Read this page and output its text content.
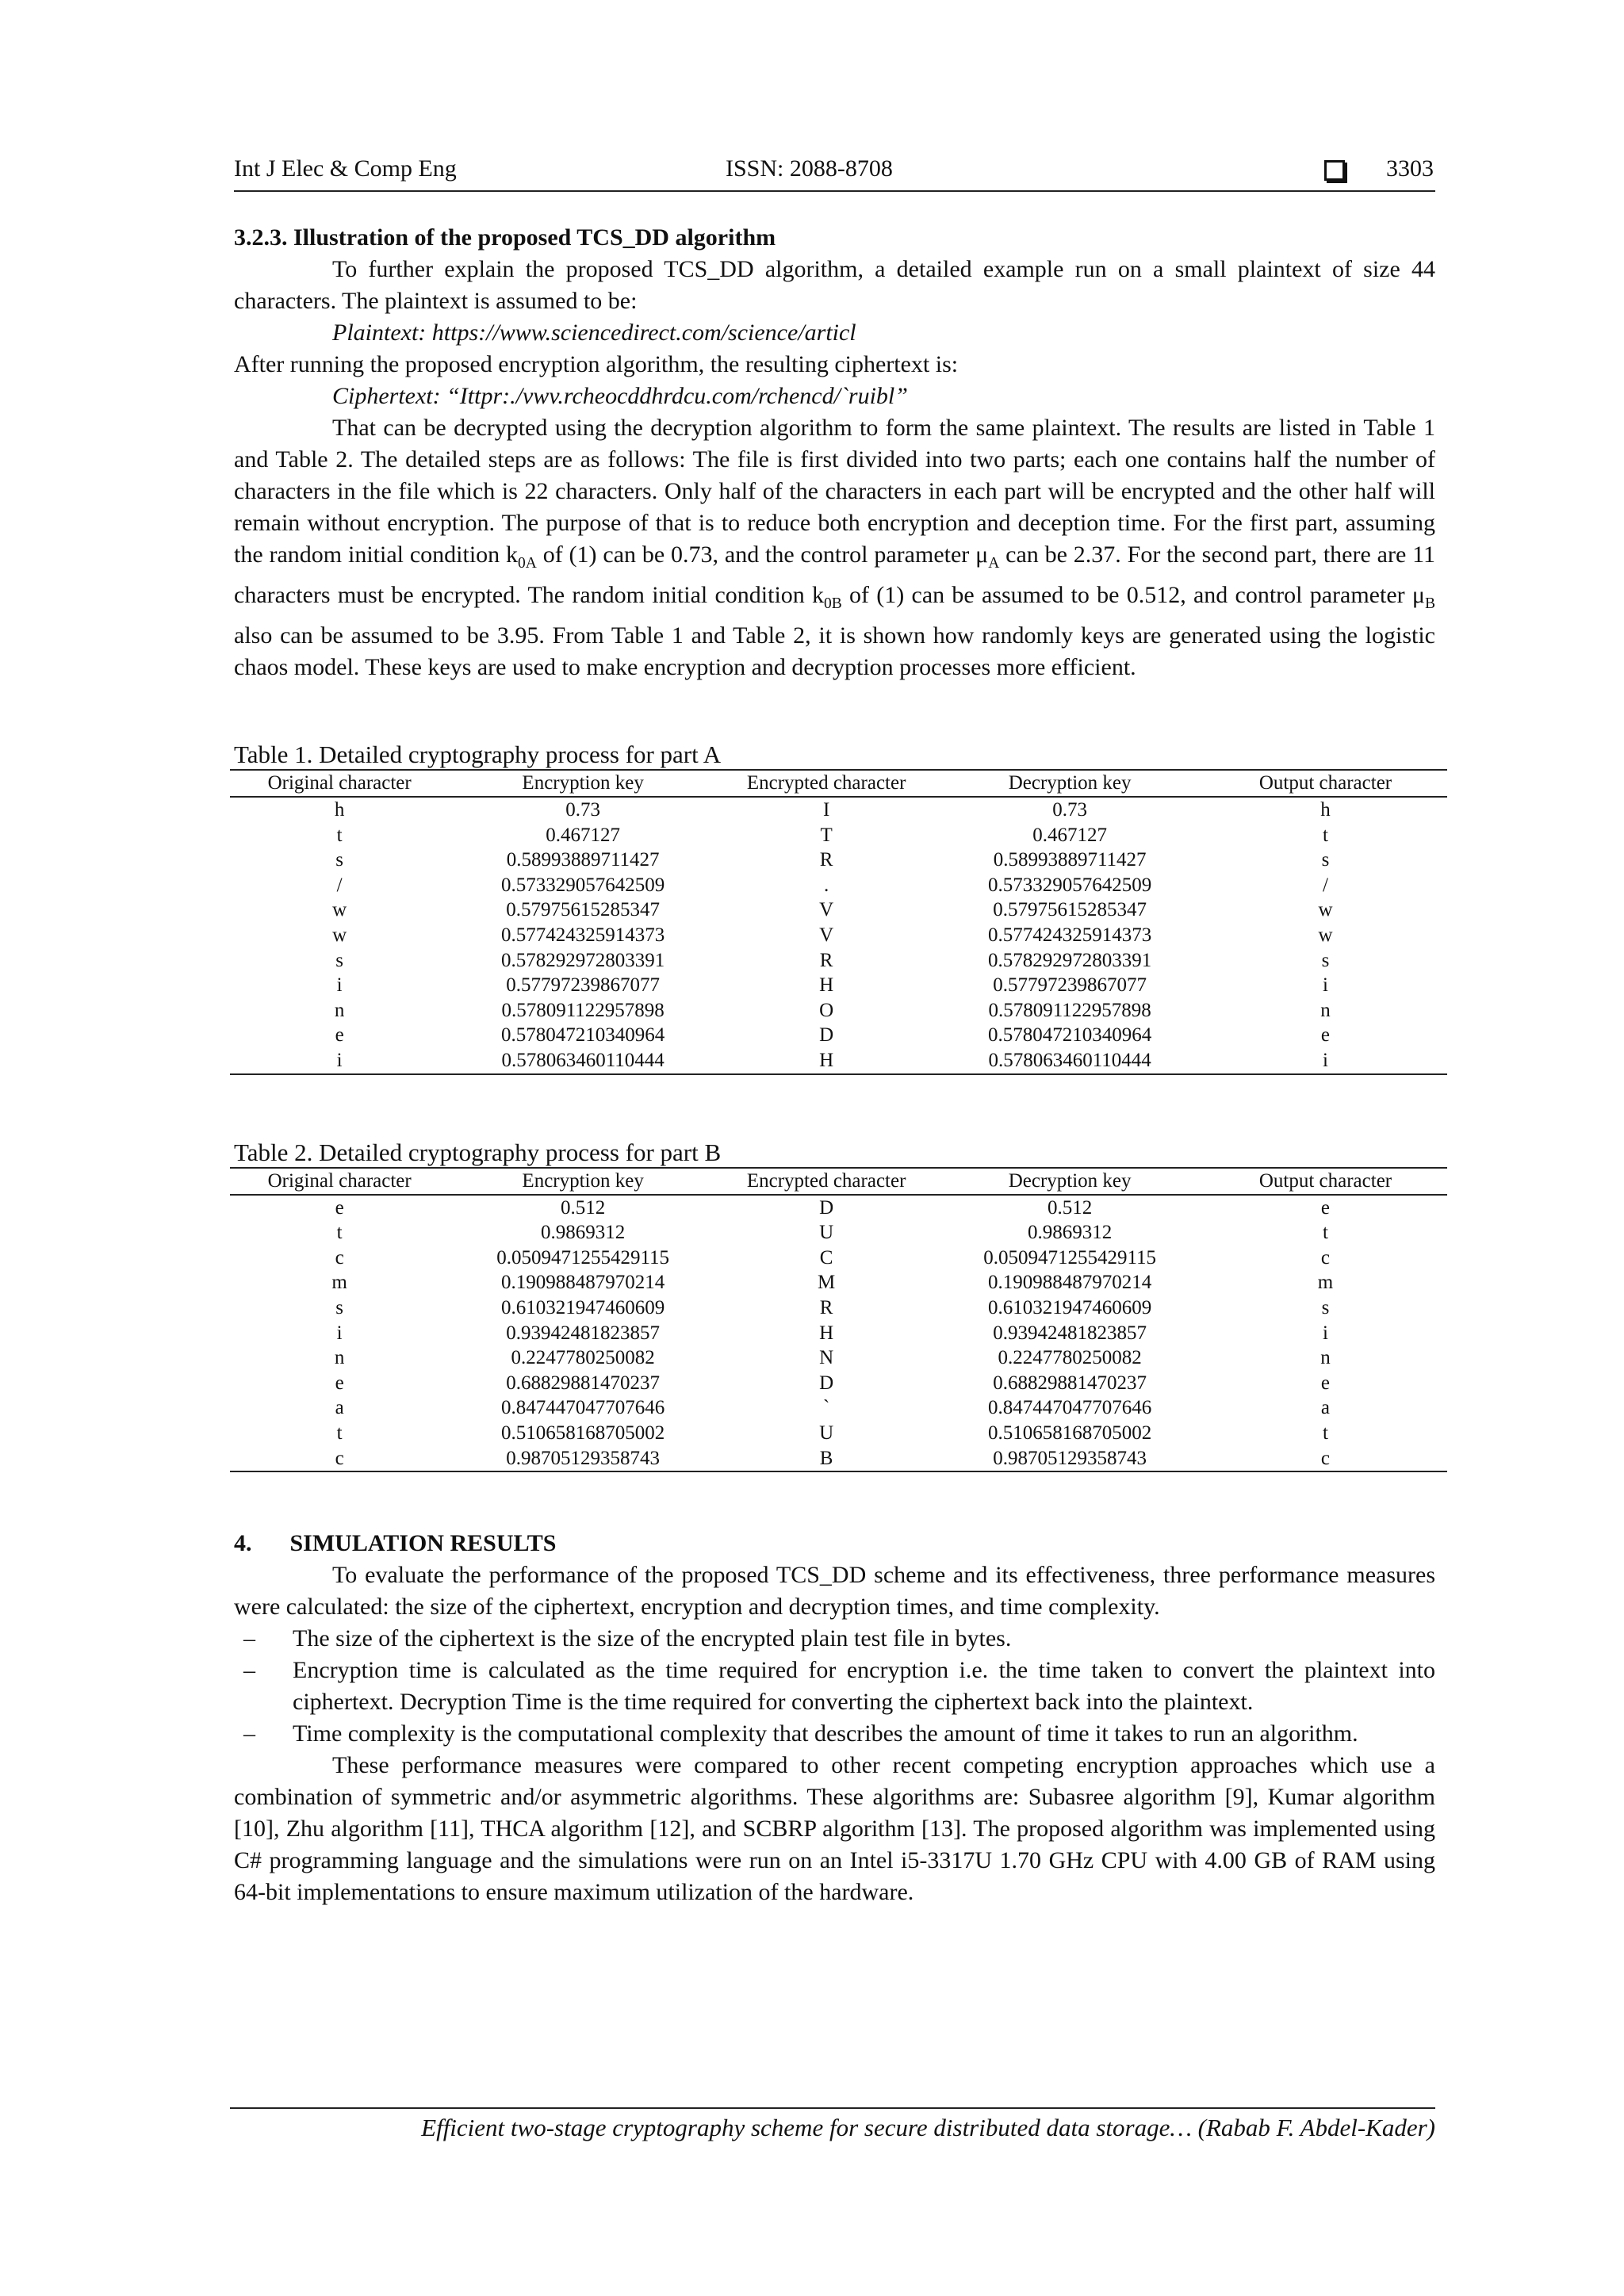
Int J Elec & Comp Eng	ISSN: 2088-8708	3303

3.2.3. Illustration of the proposed TCS_DD algorithm

To further explain the proposed TCS_DD algorithm, a detailed example run on a small plaintext of size 44 characters. The plaintext is assumed to be:

Plaintext: https://www.sciencedirect.com/science/articl

After running the proposed encryption algorithm, the resulting ciphertext is:

Ciphertext: “Ittpr:./vwv.rcheocddhrdcu.com/rchencd/`ruibl”

That can be decrypted using the decryption algorithm to form the same plaintext. The results are listed in Table 1 and Table 2. The detailed steps are as follows: The file is first divided into two parts; each one contains half the number of characters in the file which is 22 characters. Only half of the characters in each part will be encrypted and the other half will remain without encryption. The purpose of that is to reduce both encryption and deception time. For the first part, assuming the random initial condition $k_{0A}$ of (1) can be 0.73, and the control parameter $\mu_A$ can be 2.37. For the second part, there are 11 characters must be encrypted. The random initial condition $k_{0B}$ of (1) can be assumed to be 0.512, and control parameter $\mu_B$ also can be assumed to be 3.95. From Table 1 and Table 2, it is shown how randomly keys are generated using the logistic chaos model. These keys are used to make encryption and decryption processes more efficient.

Table 1. Detailed cryptography process for part A

Original character	Encryption key	Encrypted character	Decryption key	Output character
h	0.73	I	0.73	h
t	0.467127	T	0.467127	t
s	0.58993889711427	R	0.58993889711427	s
/	0.573329057642509	.	0.573329057642509	/
w	0.57975615285347	V	0.57975615285347	w
w	0.577424325914373	V	0.577424325914373	w
s	0.578292972803391	R	0.578292972803391	s
i	0.57797239867077	H	0.57797239867077	i
n	0.578091122957898	O	0.578091122957898	n
e	0.578047210340964	D	0.578047210340964	e
i	0.578063460110444	H	0.578063460110444	i

Table 2. Detailed cryptography process for part B

Original character	Encryption key	Encrypted character	Decryption key	Output character
e	0.512	D	0.512	e
t	0.9869312	U	0.9869312	t
c	0.0509471255429115	C	0.0509471255429115	c
m	0.190988487970214	M	0.190988487970214	m
s	0.610321947460609	R	0.610321947460609	s
i	0.93942481823857	H	0.93942481823857	i
n	0.2247780250082	N	0.2247780250082	n
e	0.68829881470237	D	0.68829881470237	e
a	0.847447047707646	`	0.847447047707646	a
t	0.510658168705002	U	0.510658168705002	t
c	0.98705129358743	B	0.98705129358743	c

4. SIMULATION RESULTS

To evaluate the performance of the proposed TCS_DD scheme and its effectiveness, three performance measures were calculated: the size of the ciphertext, encryption and decryption times, and time complexity.

– The size of the ciphertext is the size of the encrypted plain test file in bytes.
– Encryption time is calculated as the time required for encryption i.e. the time taken to convert the plaintext into ciphertext. Decryption Time is the time required for converting the ciphertext back into the plaintext.
– Time complexity is the computational complexity that describes the amount of time it takes to run an algorithm.

These performance measures were compared to other recent competing encryption approaches which use a combination of symmetric and/or asymmetric algorithms. These algorithms are: Subasree algorithm [9], Kumar algorithm [10], Zhu algorithm [11], THCA algorithm [12], and SCBRP algorithm [13]. The proposed algorithm was implemented using C# programming language and the simulations were run on an Intel i5-3317U 1.70 GHz CPU with 4.00 GB of RAM using 64-bit implementations to ensure maximum utilization of the hardware.

Efficient two-stage cryptography scheme for secure distributed data storage… (Rabab F. Abdel-Kader)
